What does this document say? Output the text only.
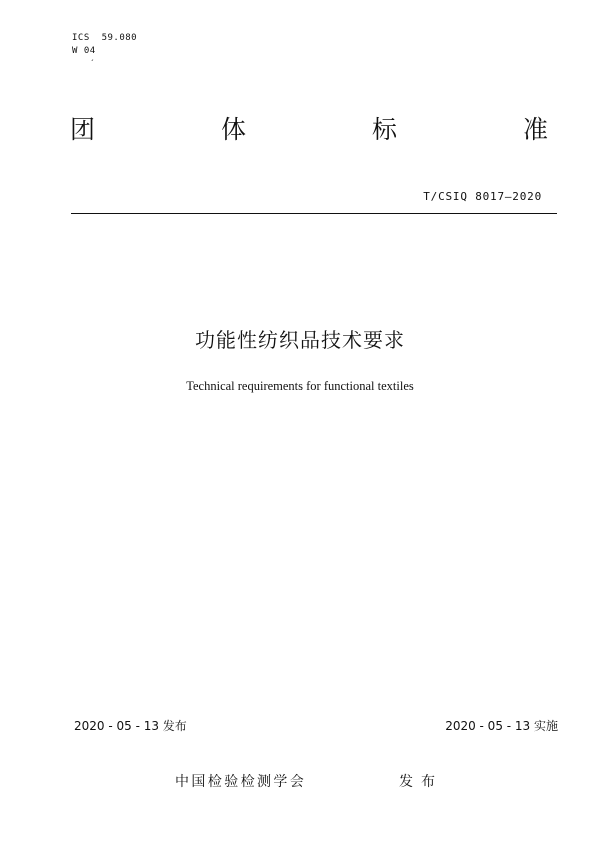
ICS  59.080
W 04
ˊ
团	体	标	准
T/CSIQ 8017—2020
功能性纺织品技术要求
Technical requirements for functional textiles
2020 - 05 - 13 发布	2020 - 05 - 13 实施
中国检验检测学会	发布
